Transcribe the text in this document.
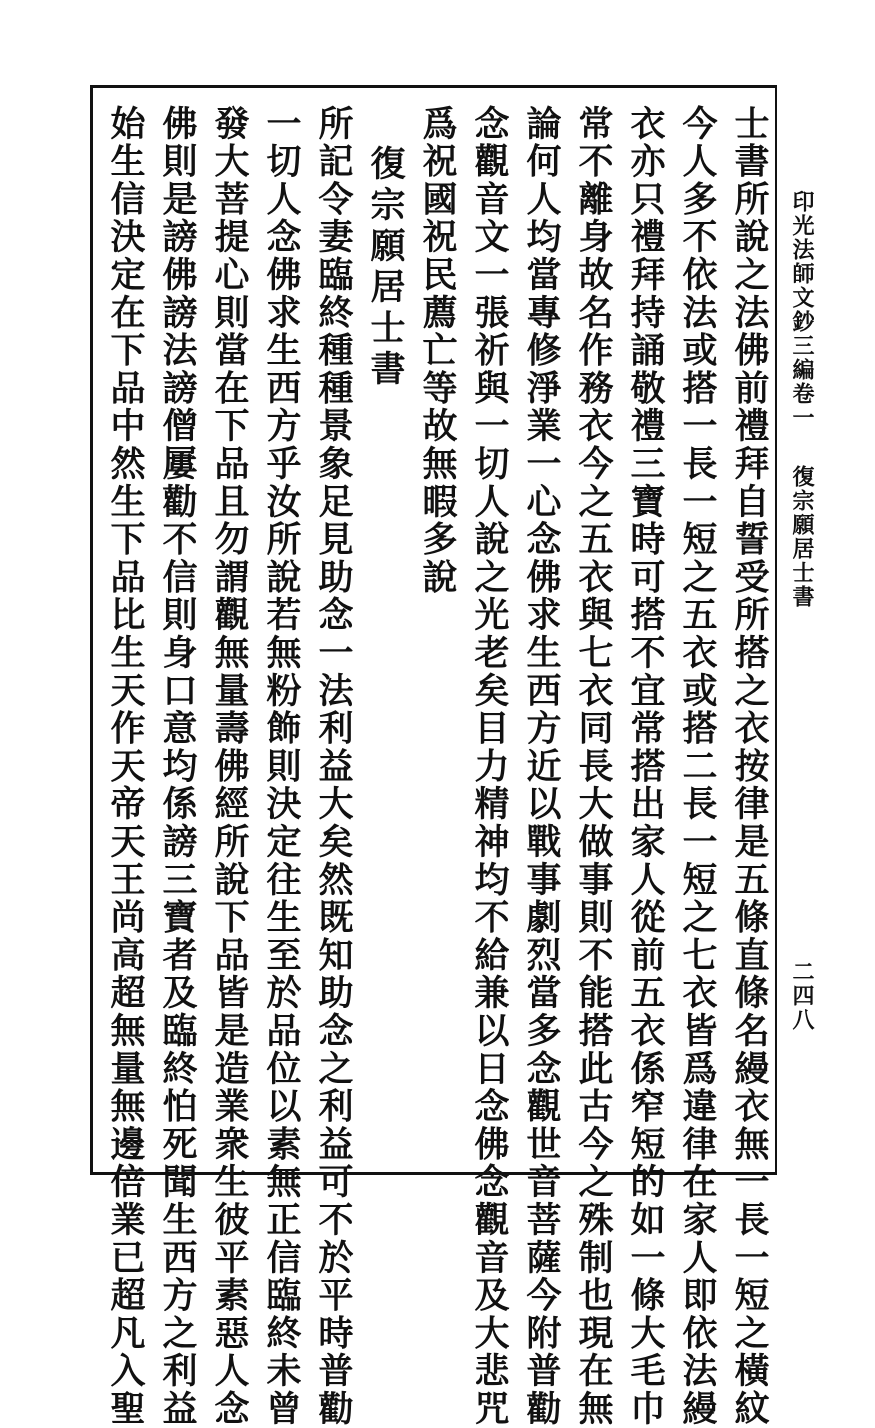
印光法師文鈔三編卷一
復宗願居士書
二四八
士書所說之法佛前禮拜自誓受所搭之衣按律是五條直條名縵衣無一長一短之橫紋
今人多不依法或搭一長一短之五衣或搭二長一短之七衣皆爲違律在家人即依法縵
衣亦只禮拜持誦敬禮三寶時可搭不宜常搭出家人從前五衣係窄短的如一條大毛巾
常不離身故名作務衣今之五衣與七衣同長大做事則不能搭此古今之殊制也現在無
論何人均當專修淨業一心念佛求生西方近以戰事劇烈當多念觀世音菩薩今附普勸
念觀音文一張祈與一切人說之光老矣目力精神均不給兼以日念佛念觀音及大悲咒
爲祝國祝民薦亡等故無暇多說
復宗願居士書
所記令妻臨終種種景象足見助念一法利益大矣然既知助念之利益可不於平時普勸
一切人念佛求生西方乎汝所說若無粉飾則決定往生至於品位以素無正信臨終未曾
發大菩提心則當在下品且勿謂觀無量壽佛經所說下品皆是造業衆生彼平素惡人念
佛則是謗佛謗法謗僧屢勸不信則身口意均係謗三寶者及臨終怕死聞生西方之利益
始生信決定在下品中然生下品比生天作天帝天王尚高超無量無邊倍業已超凡入聖
